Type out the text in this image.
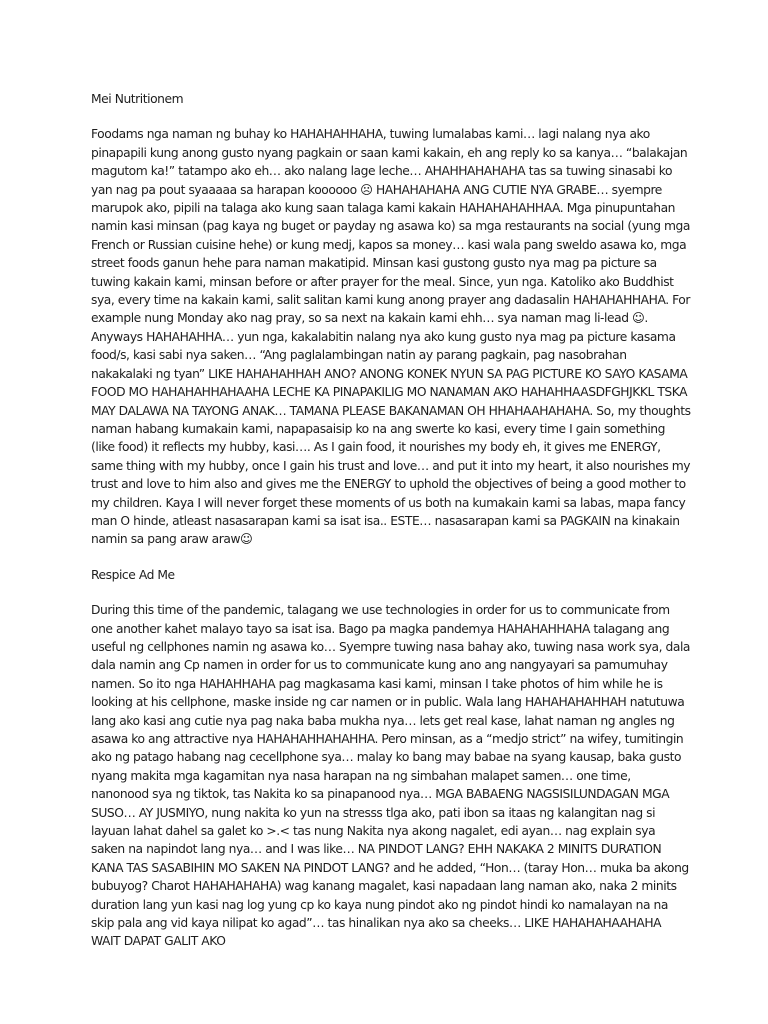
Mei Nutritionem

Foodams nga naman ng buhay ko HAHAHAHHAHA, tuwing lumalabas kami… lagi nalang nya ako pinapapili kung anong gusto nyang pagkain or saan kami kakain, eh ang reply ko sa kanya… “balakajan magutom ka!” tatampo ako eh… ako nalang lage leche… AHAHHAHAHAHA tas sa tuwing sinasabi ko yan nag pa pout syaaaaa sa harapan koooooo ☹ HAHAHAHAHA ANG CUTIE NYA GRABE… syempre marupok ako, pipili na talaga ako kung saan talaga kami kakain HAHAHAHAHHAA. Mga pinupuntahan namin kasi minsan (pag kaya ng buget or payday ng asawa ko) sa mga restaurants na social (yung mga French or Russian cuisine hehe) or kung medj, kapos sa money… kasi wala pang sweldo asawa ko, mga street foods ganun hehe para naman makatipid. Minsan kasi gustong gusto nya mag pa picture sa tuwing kakain kami, minsan before or after prayer for the meal. Since, yun nga. Katoliko ako Buddhist sya, every time na kakain kami, salit salitan kami kung anong prayer ang dadasalin HAHAHAHHAHA. For example nung Monday ako nag pray, so sa next na kakain kami ehh… sya naman mag li-lead ☺. Anyways HAHAHAHHA… yun nga, kakalabitin nalang nya ako kung gusto nya mag pa picture kasama food/s, kasi sabi nya saken… “Ang paglalambingan natin ay parang pagkain, pag nasobrahan nakakalaki ng tyan” LIKE HAHAHAHHAH ANO? ANONG KONEK NYUN SA PAG PICTURE KO SAYO KASAMA FOOD MO HAHAHAHHAHAAHA LECHE KA PINAPAKILIG MO NANAMAN AKO HAHAHHAASDFGHJKKL TSKA MAY DALAWA NA TAYONG ANAK… TAMANA PLEASE BAKANAMAN OH HHAHAAHAHAHA. So, my thoughts naman habang kumakain kami, napapasaisip ko na ang swerte ko kasi, every time I gain something (like food) it reflects my hubby, kasi…. As I gain food, it nourishes my body eh, it gives me ENERGY, same thing with my hubby, once I gain his trust and love… and put it into my heart, it also nourishes my trust and love to him also and gives me the ENERGY to uphold the objectives of being a good mother to my children. Kaya I will never forget these moments of us both na kumakain kami sa labas, mapa fancy man O hinde, atleast nasasarapan kami sa isat isa.. ESTE… nasasarapan kami sa PAGKAIN na kinakain namin sa pang araw araw☺

Respice Ad Me

During this time of the pandemic, talagang we use technologies in order for us to communicate from one another kahet malayo tayo sa isat isa. Bago pa magka pandemya HAHAHAHHAHA talagang ang useful ng cellphones namin ng asawa ko… Syempre tuwing nasa bahay ako, tuwing nasa work sya, dala dala namin ang Cp namen in order for us to communicate kung ano ang nangyayari sa pamumuhay namen. So ito nga HAHAHHAHA pag magkasama kasi kami, minsan I take photos of him while he is looking at his cellphone, maske inside ng car namen or in public. Wala lang HAHAHAHAHHAH natutuwa lang ako kasi ang cutie nya pag naka baba mukha nya… lets get real kase, lahat naman ng angles ng asawa ko ang attractive nya HAHAHAHHAHAHHA. Pero minsan, as a “medjo strict” na wifey, tumitingin ako ng patago habang nag cecellphone sya… malay ko bang may babae na syang kausap, baka gusto nyang makita mga kagamitan nya nasa harapan na ng simbahan malapet samen… one time, nanonood sya ng tiktok, tas Nakita ko sa pinapanood nya… MGA BABAENG NAGSISILUNDAGAN MGA SUSO… AY JUSMIYO, nung nakita ko yun na stresss tlga ako, pati ibon sa itaas ng kalangitan nag si layuan lahat dahel sa galet ko >.< tas nung Nakita nya akong nagalet, edi ayan… nag explain sya saken na napindot lang nya… and I was like… NA PINDOT LANG? EHH NAKAKA 2 MINITS DURATION KANA TAS SASABIHIN MO SAKEN NA PINDOT LANG? and he added, “Hon… (taray Hon… muka ba akong bubuyog? Charot HAHAHAHAHA) wag kanang magalet, kasi napadaan lang naman ako, naka 2 minits duration lang yun kasi nag log yung cp ko kaya nung pindot ako ng pindot hindi ko namalayan na na skip pala ang vid kaya nilipat ko agad”… tas hinalikan nya ako sa cheeks… LIKE HAHAHAHAAHAHA WAIT DAPAT GALIT AKO
